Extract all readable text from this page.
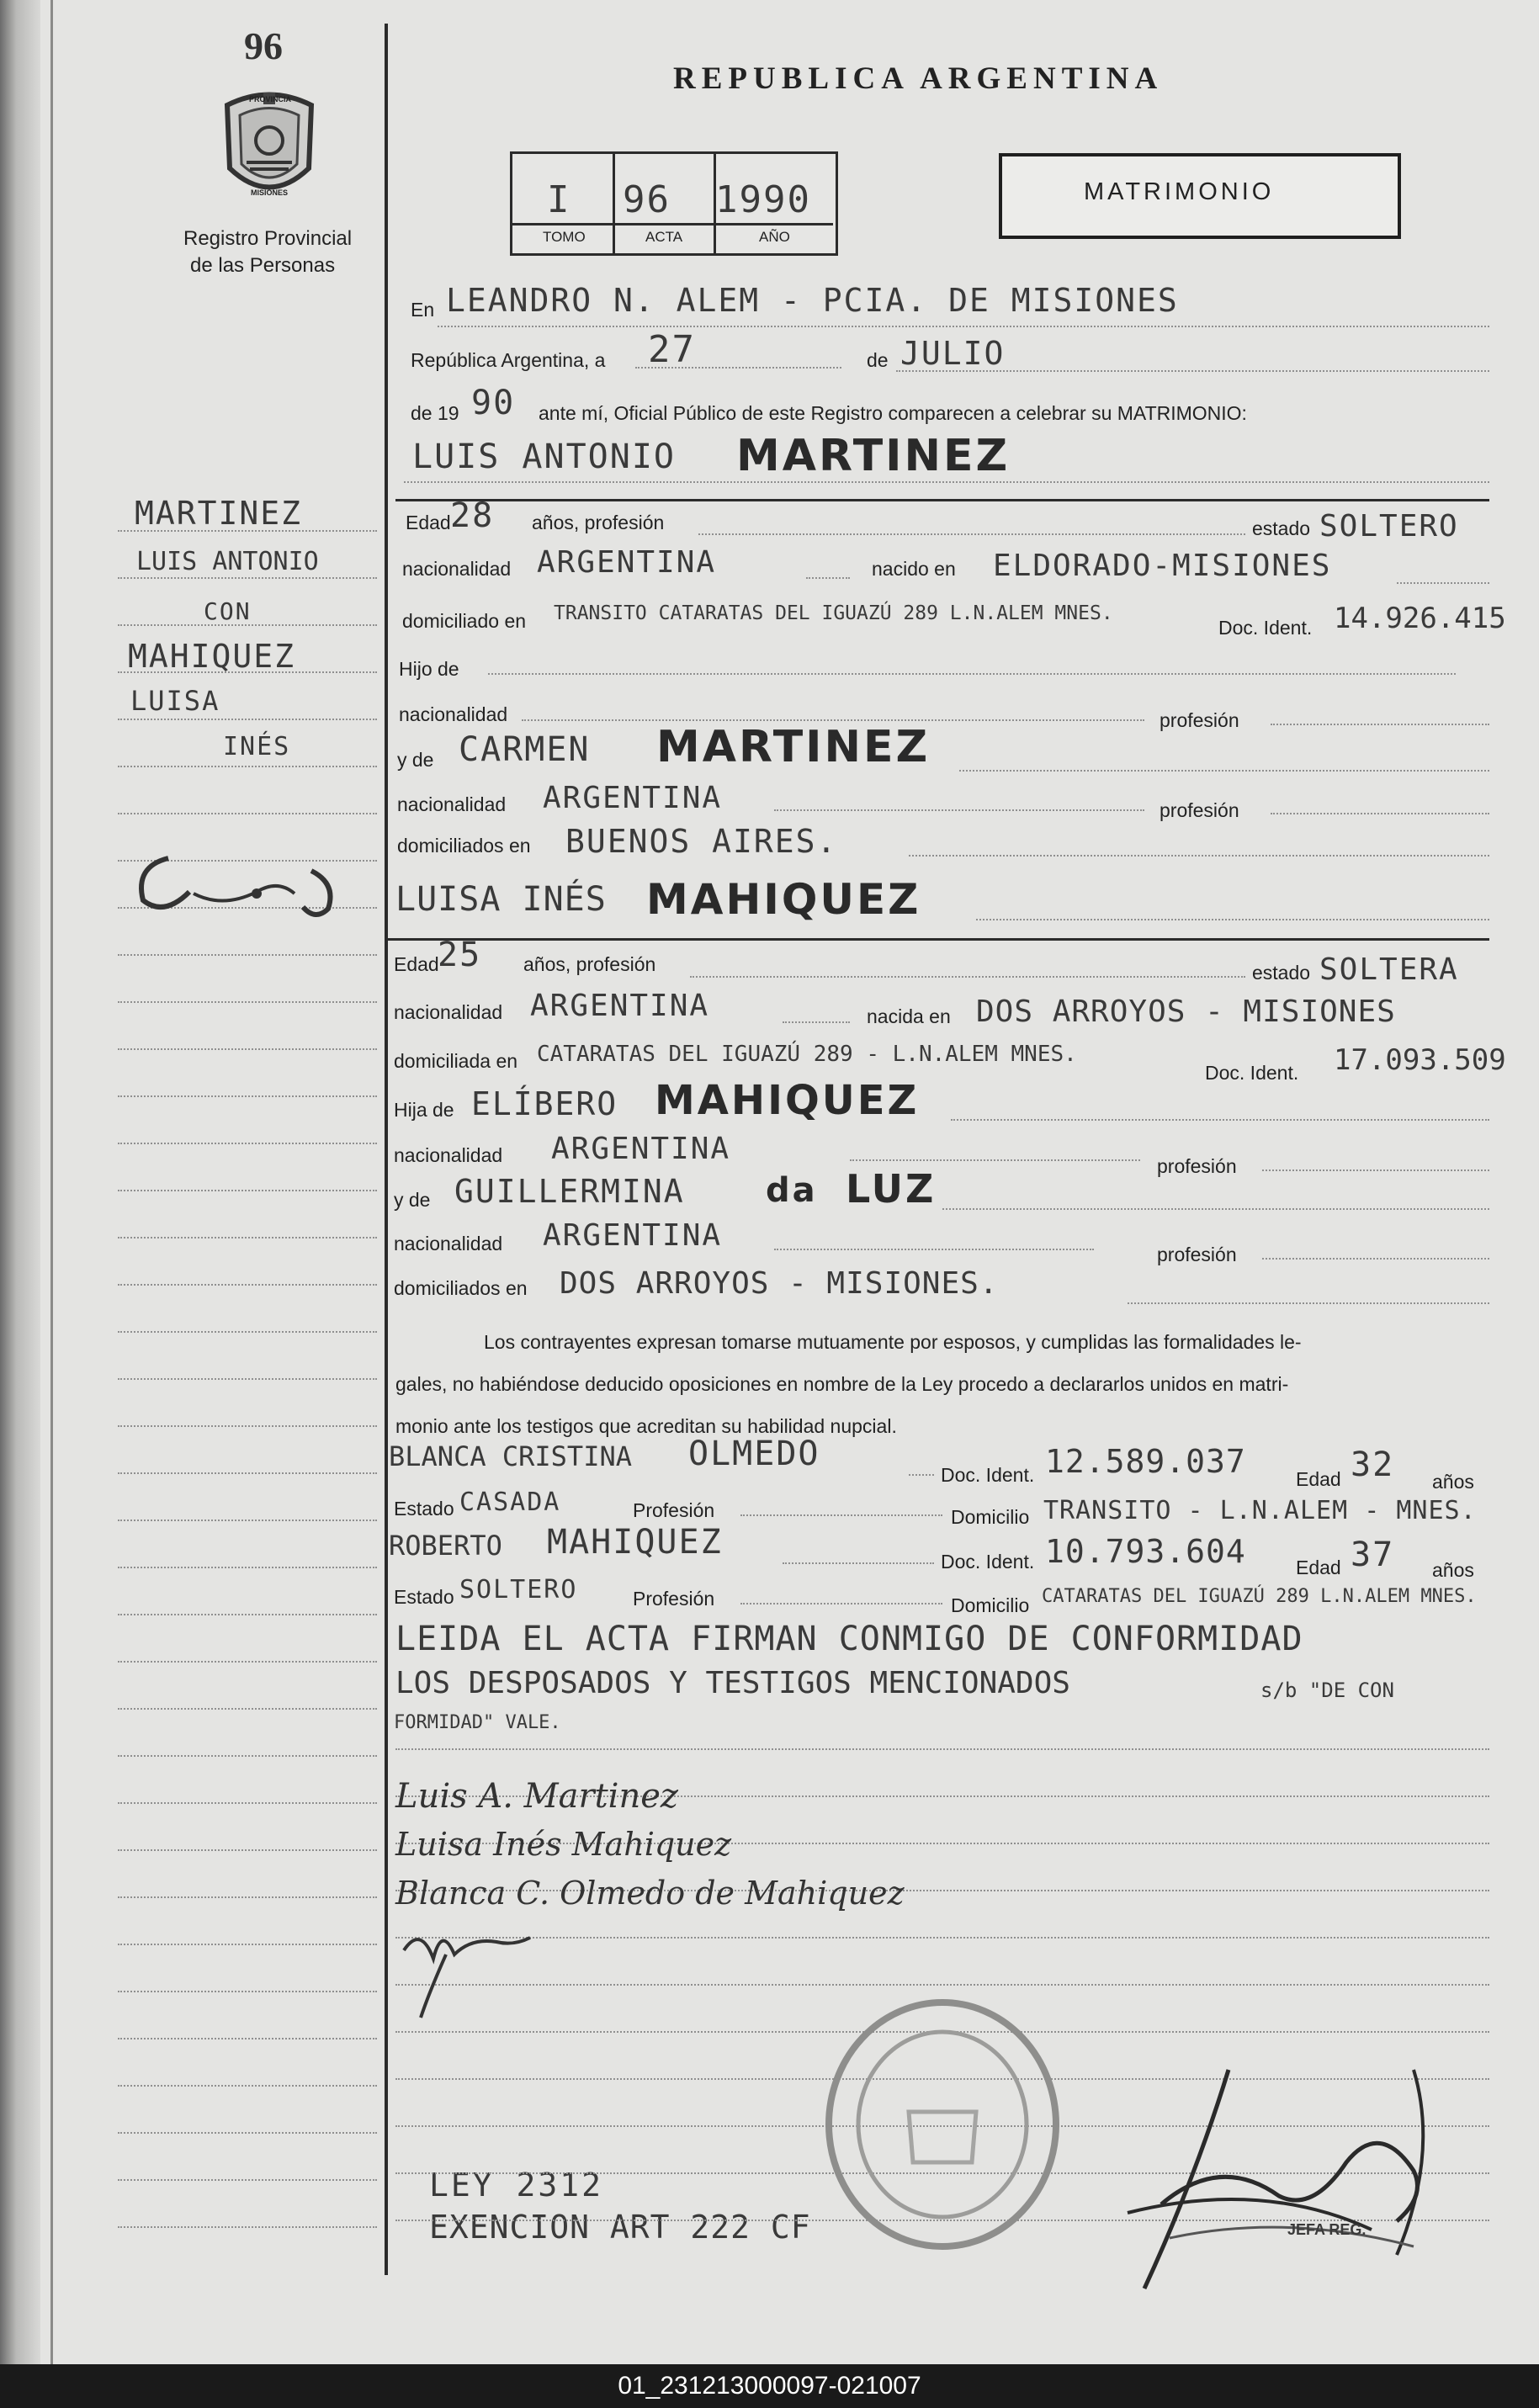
96
PROVINCIA
MISIONES
Registro Provincial
de las Personas
REPUBLICA ARGENTINA
I 96 1990
TOMO	ACTA	AÑO
MATRIMONIO
MARTINEZ
LUIS ANTONIO
CON
MAHIQUEZ
LUISA
INÉS
LEY 2312
EXENCION ART 222 CF
En LEANDRO N. ALEM - PCIA. DE MISIONES
República Argentina, a 27	de JULIO
de 19 90 ante mí, Oficial Público de este Registro comparecen a celebrar su MATRIMONIO:
LUIS ANTONIO MARTINEZ
Edad 28 años, profesión	estado SOLTERO
nacionalidad ARGENTINA	nacido en ELDORADO-MISIONES
domiciliado en TRANSITO CATARATAS DEL IGUAZÚ 289 L.N.ALEM MNES.
Doc. Ident. 14.926.415
Hijo de
nacionalidad	profesión
y de CARMEN MARTINEZ
nacionalidad ARGENTINA	profesión
domiciliados en BUENOS AIRES.
LUISA INÉS MAHIQUEZ
Edad
25 años, profesión	estado SOLTERA
nacionalidad ARGENTINA	nacida en DOS ARROYOS - MISIONES
domiciliada en CATARATAS DEL IGUAZÚ 289 - L.N.ALEM MNES.
Doc. Ident. 17.093.509
Hija de ELÍBERO MAHIQUEZ
nacionalidad ARGENTINA	profesión
y de GUILLERMINA da LUZ
nacionalidad ARGENTINA
profesión
domiciliados en DOS ARROYOS - MISIONES.
Los contrayentes expresan tomarse mutuamente por esposos, y cumplidas las formalidades le-
gales, no habiéndose deducido oposiciones en nombre de la Ley procedo a declararlos unidos en matri-
monio ante los testigos que acreditan su habilidad nupcial.
BLANCA CRISTINA OLMEDO
Doc. Ident. 12.589.037	Edad 32 años
Estado CASADA	Profesión	Domicilio TRANSITO - L.N.ALEM - MNES.
ROBERTO MAHIQUEZ	Doc. Ident. 10.793.604	Edad 37 años
Estado SOLTERO	Profesión	Domicilio CATARATAS DEL IGUAZÚ 289 L.N.ALEM MNES.
LEIDA EL ACTA FIRMAN CONMIGO DE CONFORMIDAD
LOS DESPOSADOS Y TESTIGOS MENCIONADOS	s/b "DE CON
FORMIDAD" VALE.
Luis A. Martinez
Luisa Inés Mahiquez
Blanca C. Olmedo de Mahiquez
JEFA REG.
01_231213000097-021007
